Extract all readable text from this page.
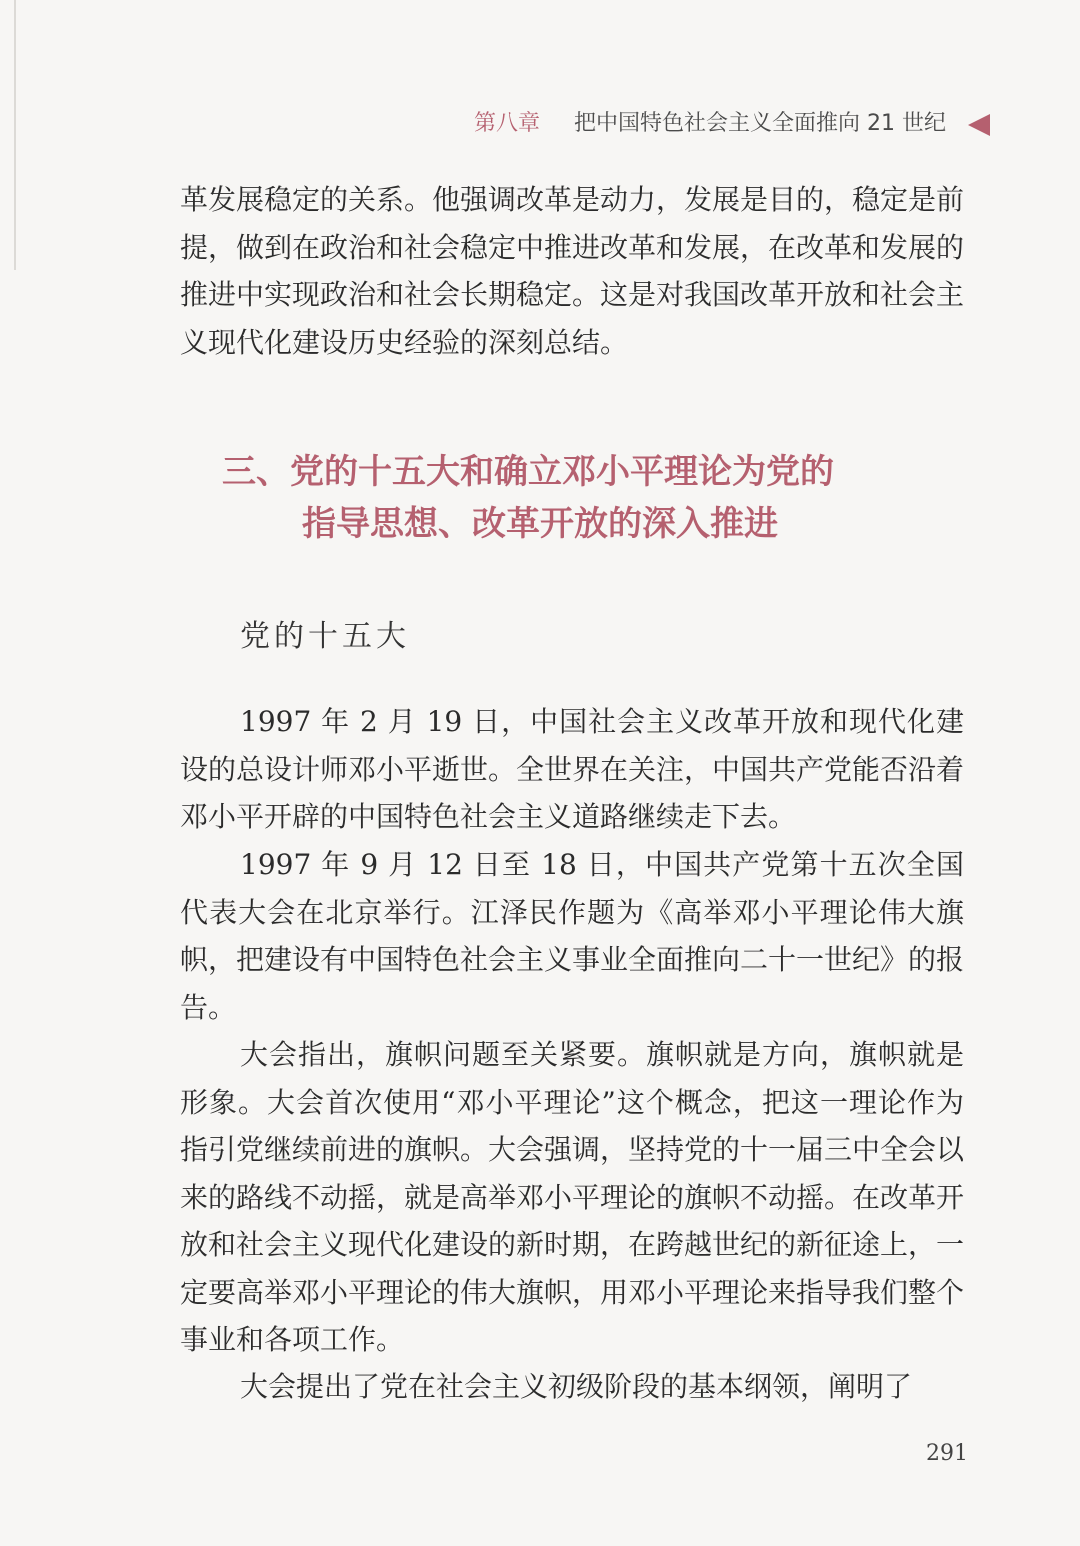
第八章 把中国特色社会主义全面推向 21 世纪

革发展稳定的关系。他强调改革是动力，发展是目的，稳定是前提，做到在政治和社会稳定中推进改革和发展，在改革和发展的推进中实现政治和社会长期稳定。这是对我国改革开放和社会主义现代化建设历史经验的深刻总结。

三、党的十五大和确立邓小平理论为党的
指导思想、改革开放的深入推进
党的十五大

1997 年 2 月 19 日，中国社会主义改革开放和现代化建设的总设计师邓小平逝世。全世界在关注，中国共产党能否沿着邓小平开辟的中国特色社会主义道路继续走下去。

1997 年 9 月 12 日至 18 日，中国共产党第十五次全国代表大会在北京举行。江泽民作题为《高举邓小平理论伟大旗帜，把建设有中国特色社会主义事业全面推向二十一世纪》的报告。

大会指出，旗帜问题至关紧要。旗帜就是方向，旗帜就是形象。大会首次使用“邓小平理论”这个概念，把这一理论作为指引党继续前进的旗帜。大会强调，坚持党的十一届三中全会以来的路线不动摇，就是高举邓小平理论的旗帜不动摇。在改革开放和社会主义现代化建设的新时期，在跨越世纪的新征途上，一定要高举邓小平理论的伟大旗帜，用邓小平理论来指导我们整个事业和各项工作。

大会提出了党在社会主义初级阶段的基本纲领，阐明了

291
